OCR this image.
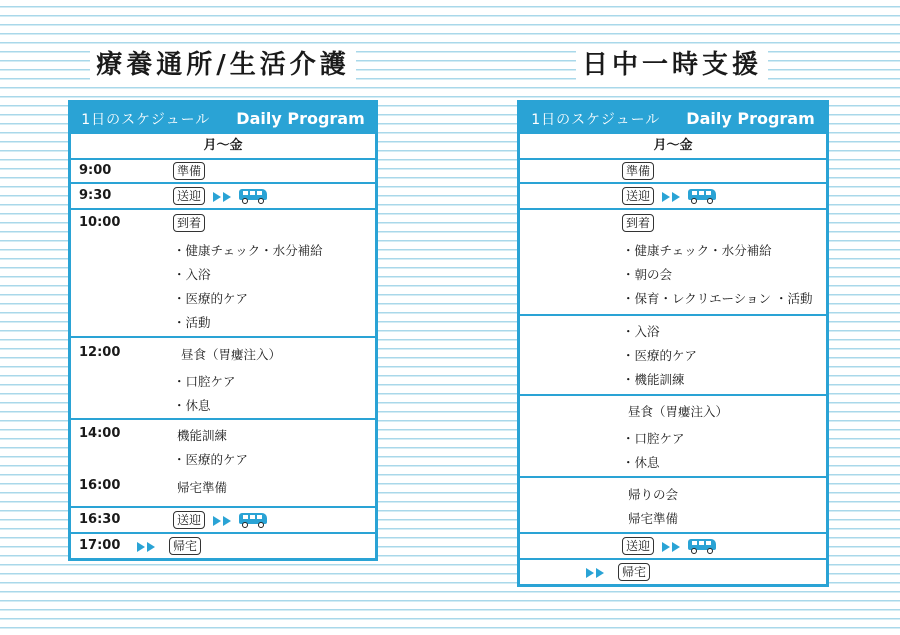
療養通所/生活介護	日中一時支援
1日のスケジュール Daily Program
月～金
9:00	準備
9:30	送迎

10:00	到着
・健康チェック・水分補給
・入浴
・医療的ケア
・活動
12:00	昼食（胃瘻注入）
・口腔ケア
・休息
14:00	機能訓練
・医療的ケア
16:00	帰宅準備
16:30	送迎

17:00	帰宅
1日のスケジュール Daily Program
月～金
準備
送迎

到着
・健康チェック・水分補給
・朝の会
・保育・レクリエーション ・活動
・入浴
・医療的ケア
・機能訓練
昼食（胃瘻注入）
・口腔ケア
・休息
帰りの会
帰宅準備
送迎

帰宅
